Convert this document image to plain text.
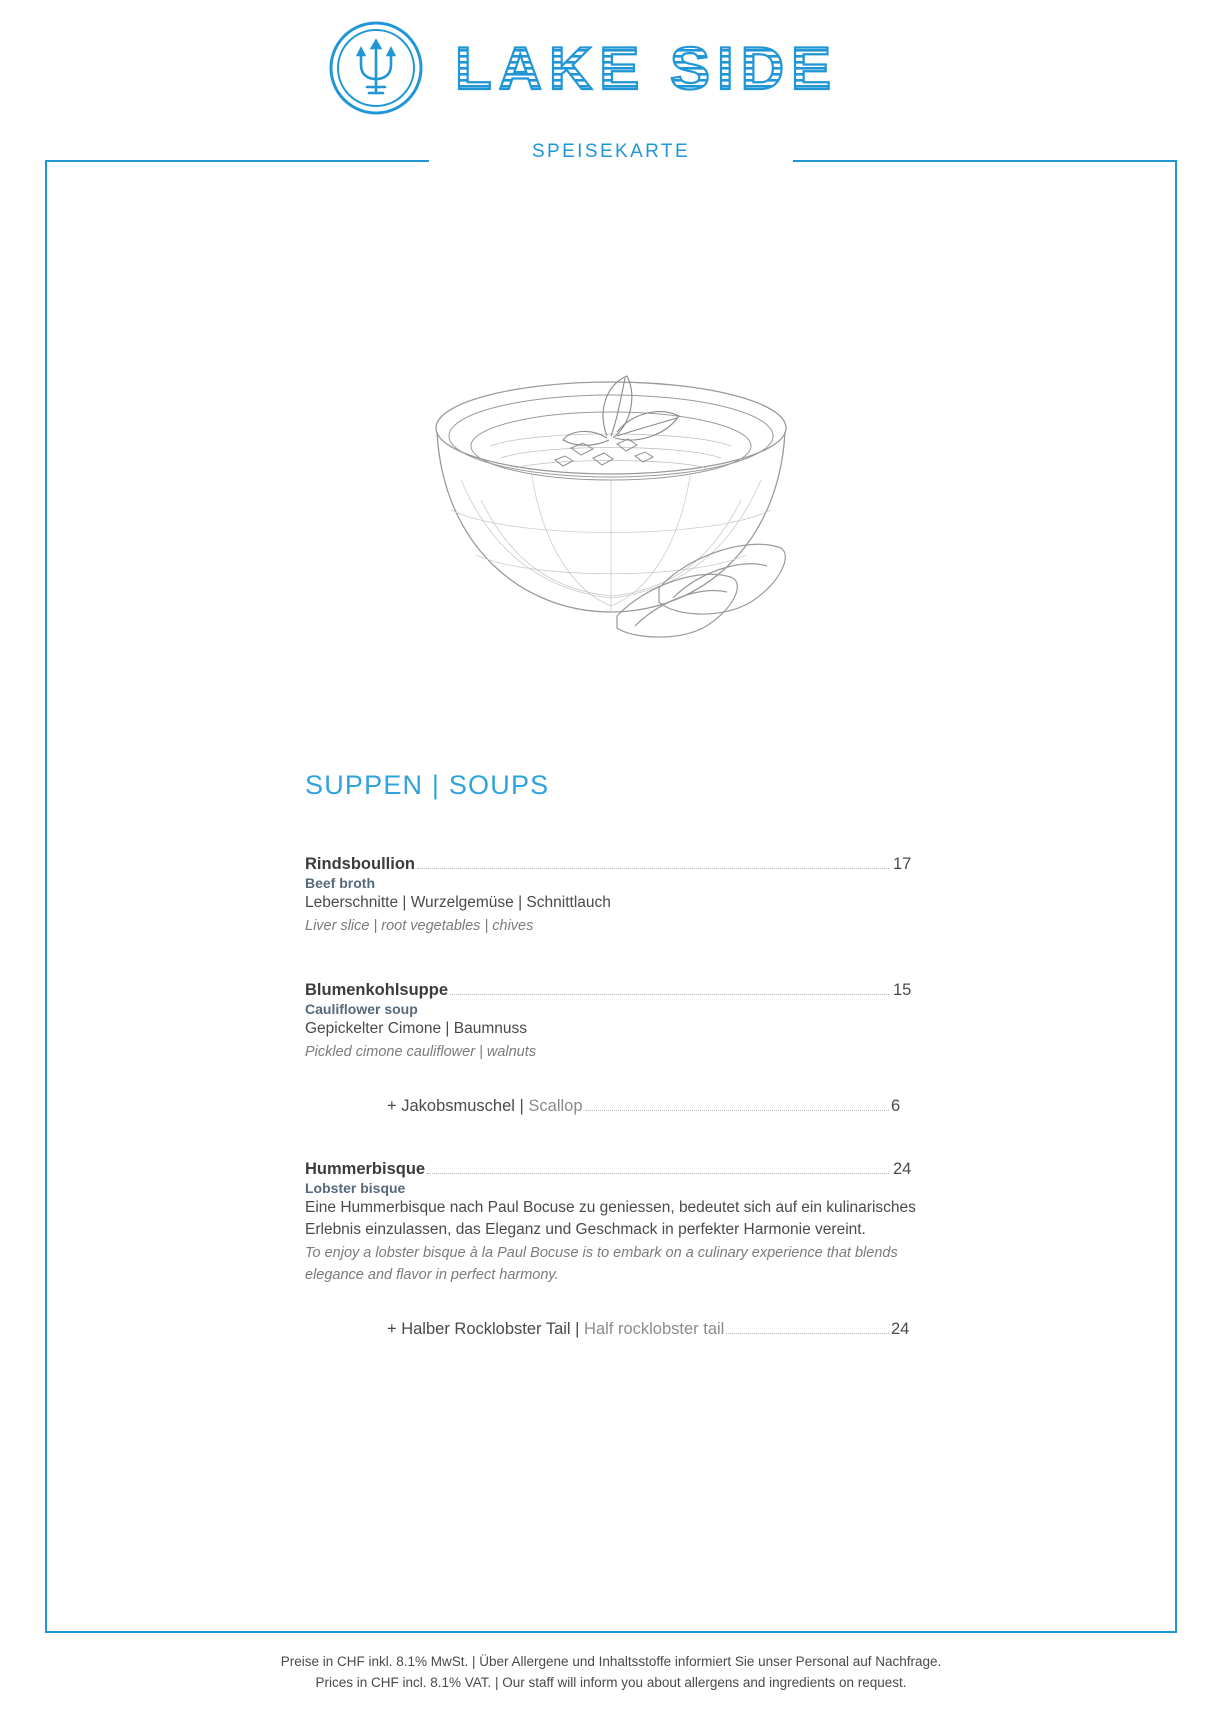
LAKE SIDE
SPEISEKARTE
SUPPEN | SOUPS
Rindsboullion	17
Beef broth
Leberschnitte | Wurzelgemüse | Schnittlauch
Liver slice | root vegetables | chives
Blumenkohlsuppe	15
Cauliflower soup
Gepickelter Cimone | Baumnuss
Pickled cimone cauliflower | walnuts
+ Jakobsmuschel | Scallop	6
Hummerbisque	24
Lobster bisque
Eine Hummerbisque nach Paul Bocuse zu geniessen, bedeutet sich auf ein kulinarisches Erlebnis einzulassen, das Eleganz und Geschmack in perfekter Harmonie vereint.
To enjoy a lobster bisque à la Paul Bocuse is to embark on a culinary experience that blends elegance and flavor in perfect harmony.
+ Halber Rocklobster Tail | Half rocklobster tail	24
Preise in CHF inkl. 8.1% MwSt. | Über Allergene und Inhaltsstoffe informiert Sie unser Personal auf Nachfrage.
Prices in CHF incl. 8.1% VAT. | Our staff will inform you about allergens and ingredients on request.
